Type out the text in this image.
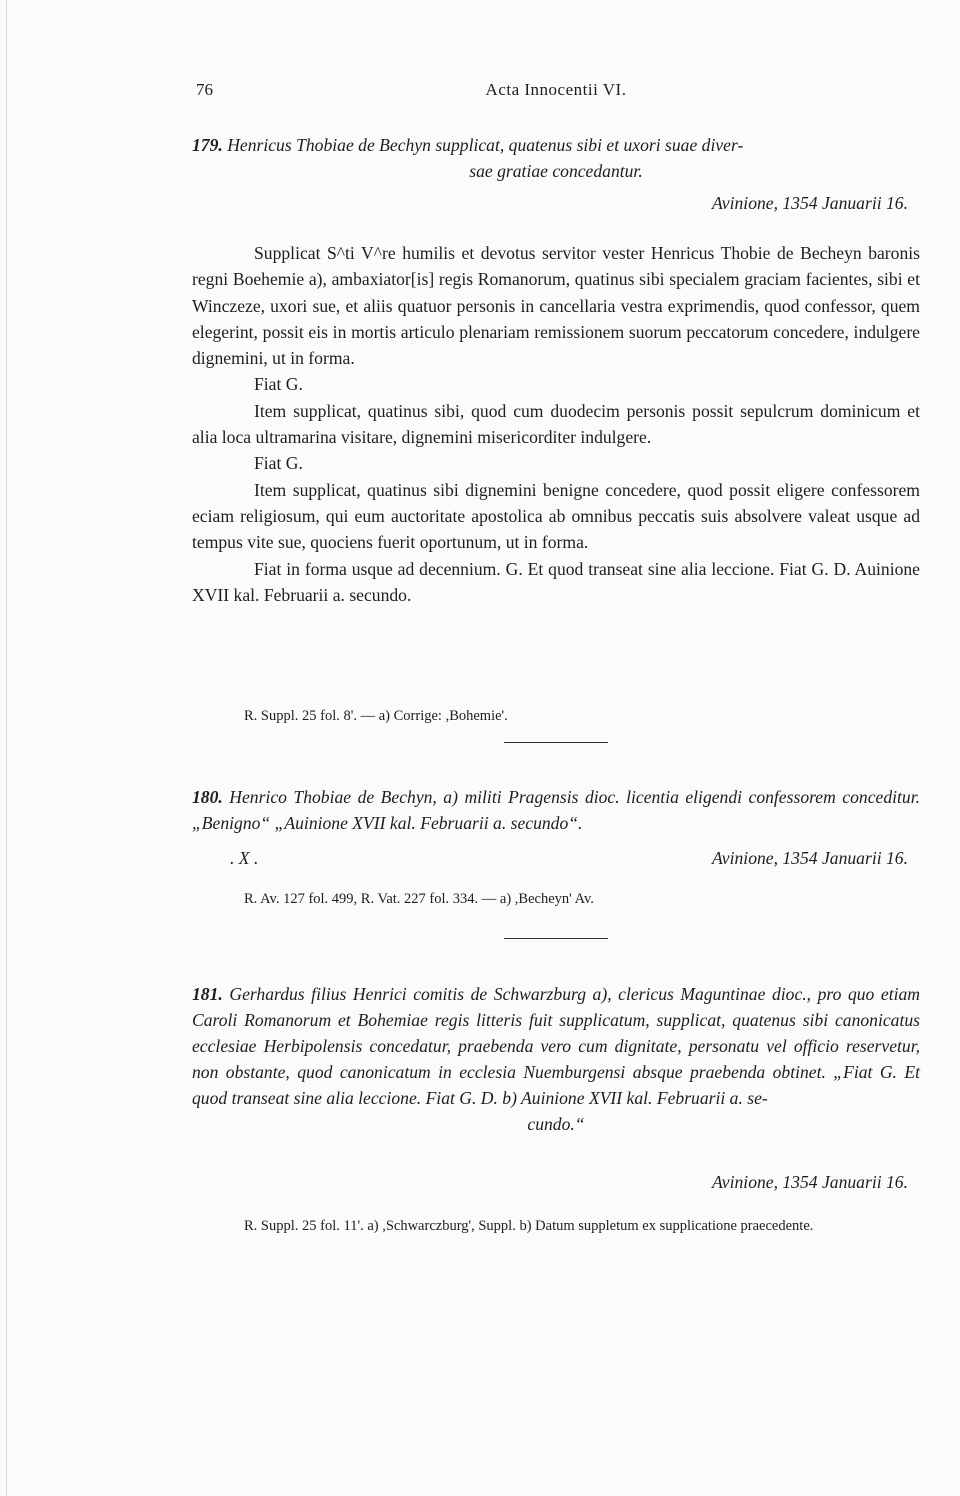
76	Acta Innocentii VI.
179. Henricus Thobiae de Bechyn supplicat, quatenus sibi et uxori suae diver-
sae gratiae concedantur.
Avinione, 1354 Januarii 16.

Supplicat S^ti V^re humilis et devotus servitor vester Henricus Thobie de Becheyn baronis regni Boehemie a), ambaxiator[is] regis Romanorum, quatinus sibi specialem graciam facientes, sibi et Winczeze, uxori sue, et aliis quatuor personis in cancellaria vestra exprimendis, quod confessor, quem elegerint, possit eis in mortis articulo plenariam remissionem suorum peccatorum concedere, indulgere dignemini, ut in forma.

Fiat G.

Item supplicat, quatinus sibi, quod cum duodecim personis possit sepulcrum dominicum et alia loca ultramarina visitare, dignemini misericorditer indulgere.

Fiat G.

Item supplicat, quatinus sibi dignemini benigne concedere, quod possit eligere confessorem eciam religiosum, qui eum auctoritate apostolica ab omnibus peccatis suis absolvere valeat usque ad tempus vite sue, quociens fuerit oportunum, ut in forma.

Fiat in forma usque ad decennium. G. Et quod transeat sine alia leccione. Fiat G. D. Auinione XVII kal. Februarii a. secundo.

R. Suppl. 25 fol. 8'. — a) Corrige: ,Bohemie'.
180. Henrico Thobiae de Bechyn, a) militi Pragensis dioc. licentia eligendi confessorem conceditur. „Benigno“ „Auinione XVII kal. Februarii a. secundo“.
. X .	Avinione, 1354 Januarii 16.
R. Av. 127 fol. 499, R. Vat. 227 fol. 334. — a) ,Becheyn' Av.
181. Gerhardus filius Henrici comitis de Schwarzburg a), clericus Maguntinae dioc., pro quo etiam Caroli Romanorum et Bohemiae regis litteris fuit supplicatum, supplicat, quatenus sibi canonicatus ecclesiae Herbipolensis concedatur, praebenda vero cum dignitate, personatu vel officio reservetur, non obstante, quod canonicatum in ecclesia Nuemburgensi absque praebenda obtinet. „Fiat G. Et quod transeat sine alia leccione. Fiat G. D. b) Auinione XVII kal. Februarii a. se-
cundo.“
Avinione, 1354 Januarii 16.
R. Suppl. 25 fol. 11'. a) ,Schwarczburg', Suppl. b) Datum suppletum ex supplicatione praecedente.
